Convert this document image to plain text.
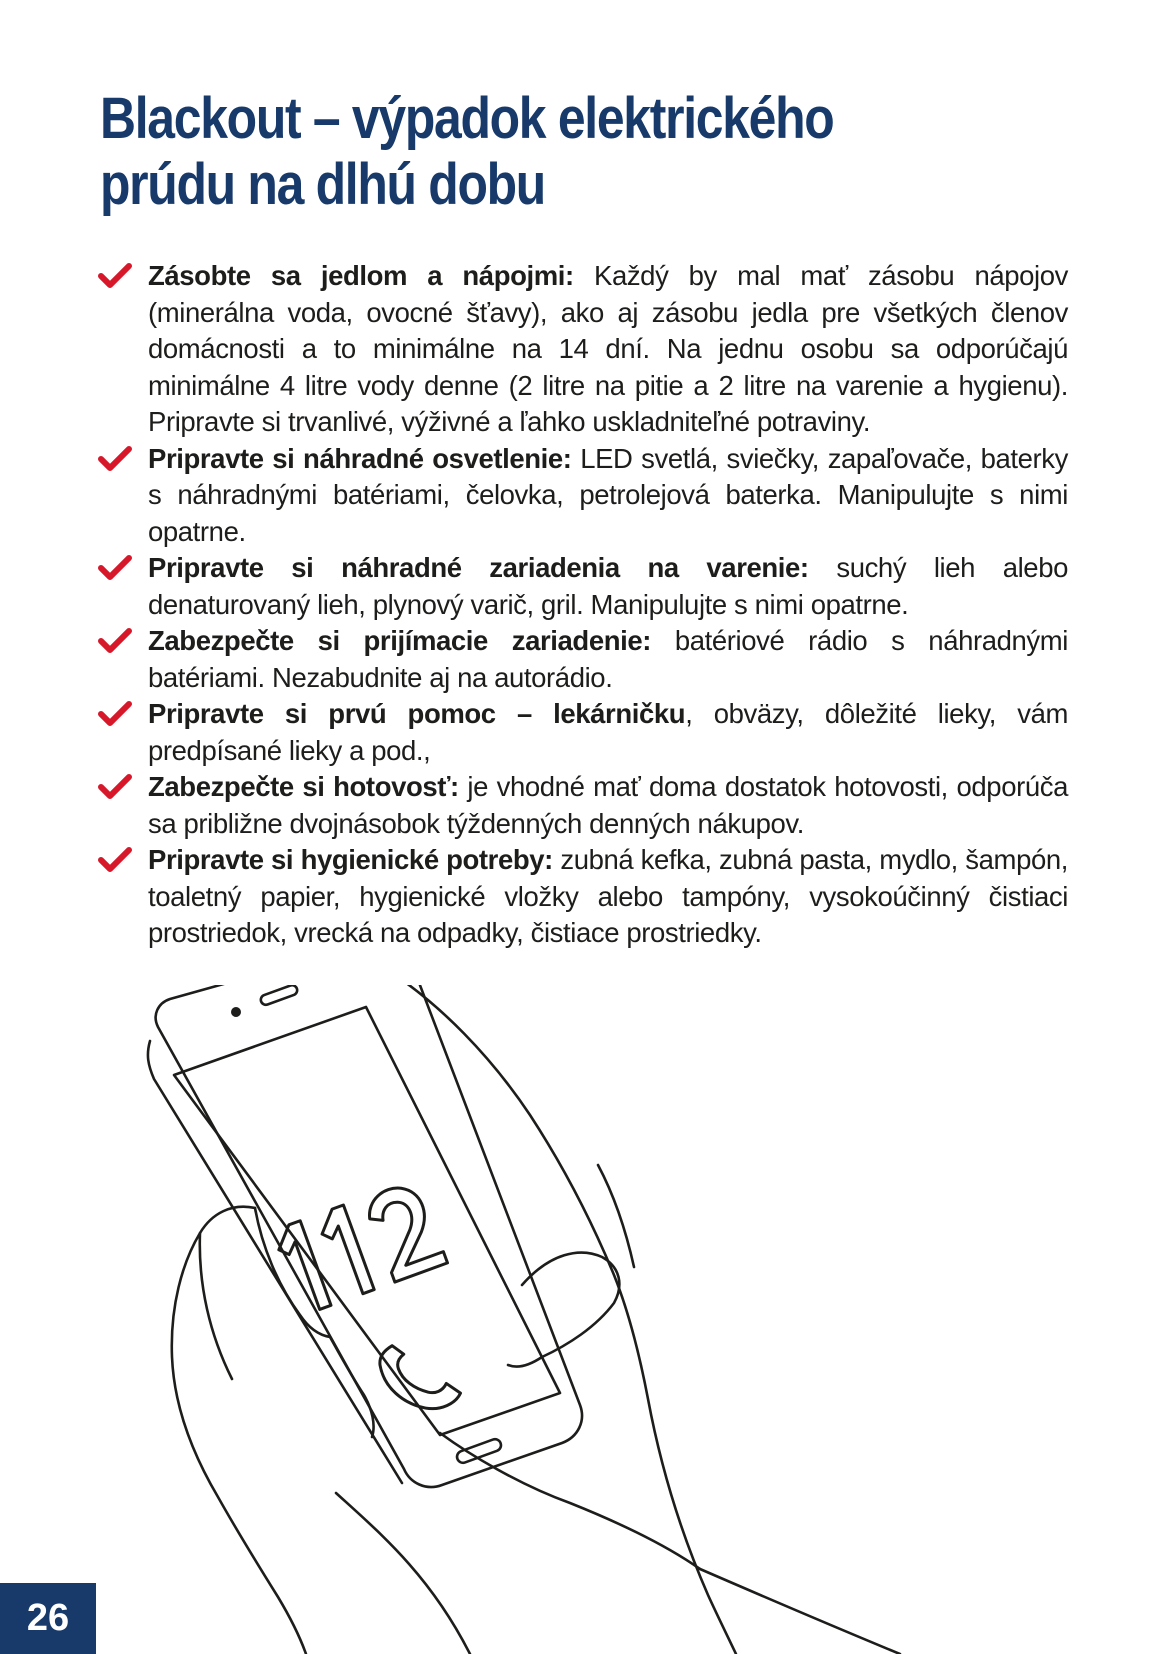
Blackout – výpadok elektrického prúdu na dlhú dobu
Zásobte sa jedlom a nápojmi: Každý by mal mať zásobu nápojov (minerálna voda, ovocné šťavy), ako aj zásobu jedla pre všetkých členov domácnosti a to minimálne na 14 dní. Na jednu osobu sa odporúčajú minimálne 4 litre vody denne (2 litre na pitie a 2 litre na varenie a hygienu). Pripravte si trvanlivé, výživné a ľahko uskladniteľné potraviny.
Pripravte si náhradné osvetlenie: LED svetlá, sviečky, zapaľovače, baterky s náhradnými batériami, čelovka, petrolejová baterka. Manipulujte s nimi opatrne.
Pripravte si náhradné zariadenia na varenie: suchý lieh alebo denaturovaný lieh, plynový varič, gril. Manipulujte s nimi opatrne.
Zabezpečte si prijímacie zariadenie: batériové rádio s náhradnými batériami. Nezabudnite aj na autorádio.
Pripravte si prvú pomoc – lekárničku, obväzy, dôležité lieky, vám predpísané lieky a pod.,
Zabezpečte si hotovosť: je vhodné mať doma dostatok hotovosti, odporúča sa približne dvojnásobok týždenných denných nákupov.
Pripravte si hygienické potreby: zubná kefka, zubná pasta, mydlo, šampón, toaletný papier, hygienické vložky alebo tampóny, vysokoúčinný čistiaci prostriedok, vrecká na odpadky, čistiace prostriedky.
26
